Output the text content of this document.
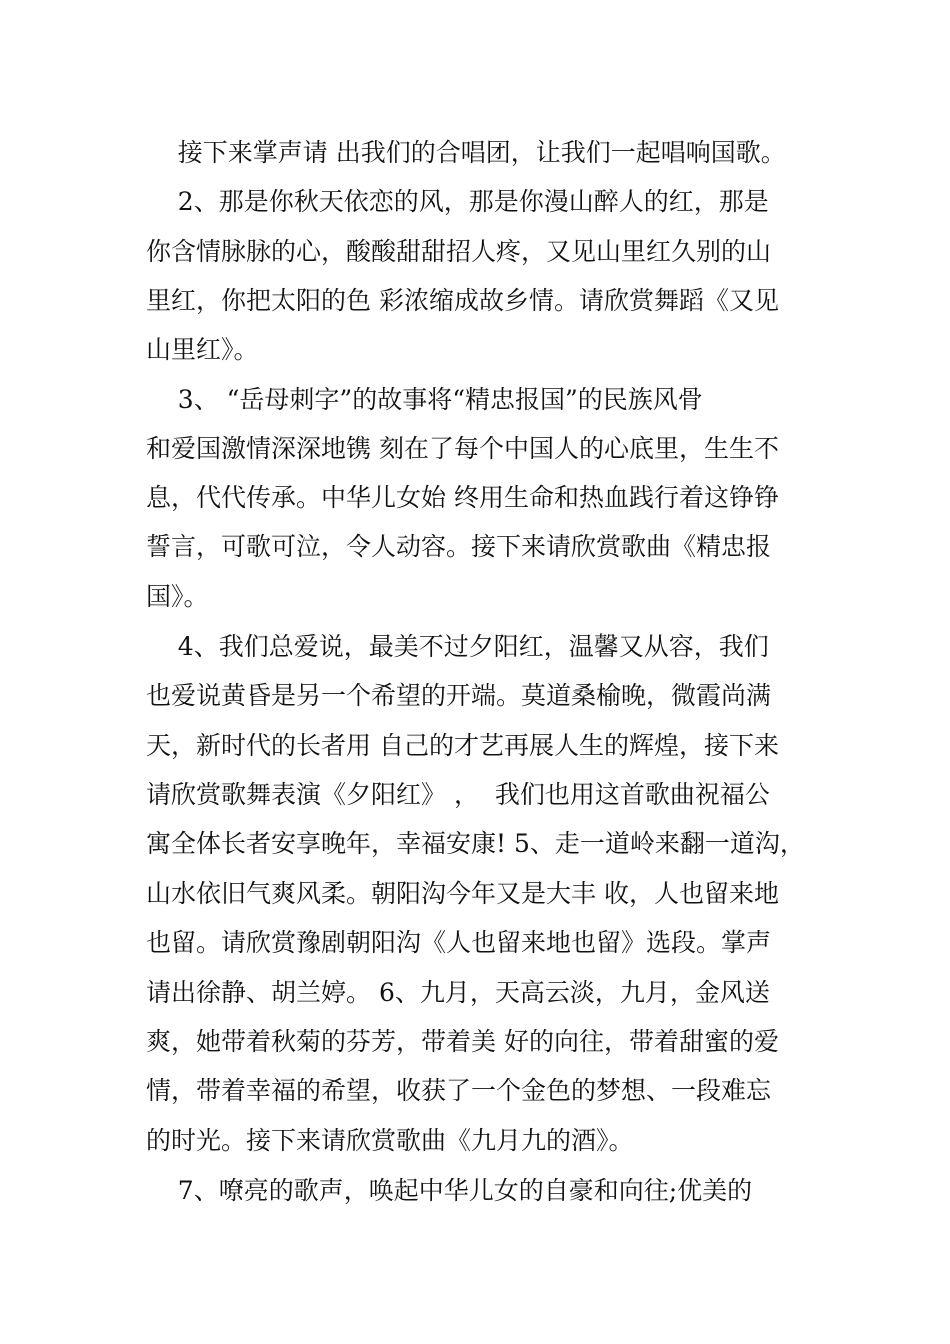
接下来掌声请 出我们的合唱团，让我们一起唱响国歌。
2、那是你秋天依恋的风，那是你漫山醉人的红，那是
你含情脉脉的心，酸酸甜甜招人疼，又见山里红久别的山
里红，你把太阳的色 彩浓缩成故乡情。请欣赏舞蹈《又见
山里红》。
3、 “岳母刺字”的故事将“精忠报国”的民族风骨
和爱国激情深深地镌 刻在了每个中国人的心底里，生生不
息，代代传承。中华儿女始 终用生命和热血践行着这铮铮
誓言，可歌可泣，令人动容。接下来请欣赏歌曲《精忠报
国》。
4、我们总爱说，最美不过夕阳红，温馨又从容，我们
也爱说黄昏是另一个希望的开端。莫道桑榆晚，微霞尚满
天，新时代的长者用 自己的才艺再展人生的辉煌，接下来
请欣赏歌舞表演《夕阳红》 ，  我们也用这首歌曲祝福公
寓全体长者安享晚年，幸福安康! 5、走一道岭来翻一道沟，
山水依旧气爽风柔。朝阳沟今年又是大丰 收，人也留来地
也留。请欣赏豫剧朝阳沟《人也留来地也留》选段。掌声
请出徐静、胡兰婷。 6、九月，天高云淡，九月，金风送
爽，她带着秋菊的芬芳，带着美 好的向往，带着甜蜜的爱
情，带着幸福的希望，收获了一个金色的梦想、一段难忘
的时光。接下来请欣赏歌曲《九月九的酒》。
7、嘹亮的歌声，唤起中华儿女的自豪和向往;优美的
